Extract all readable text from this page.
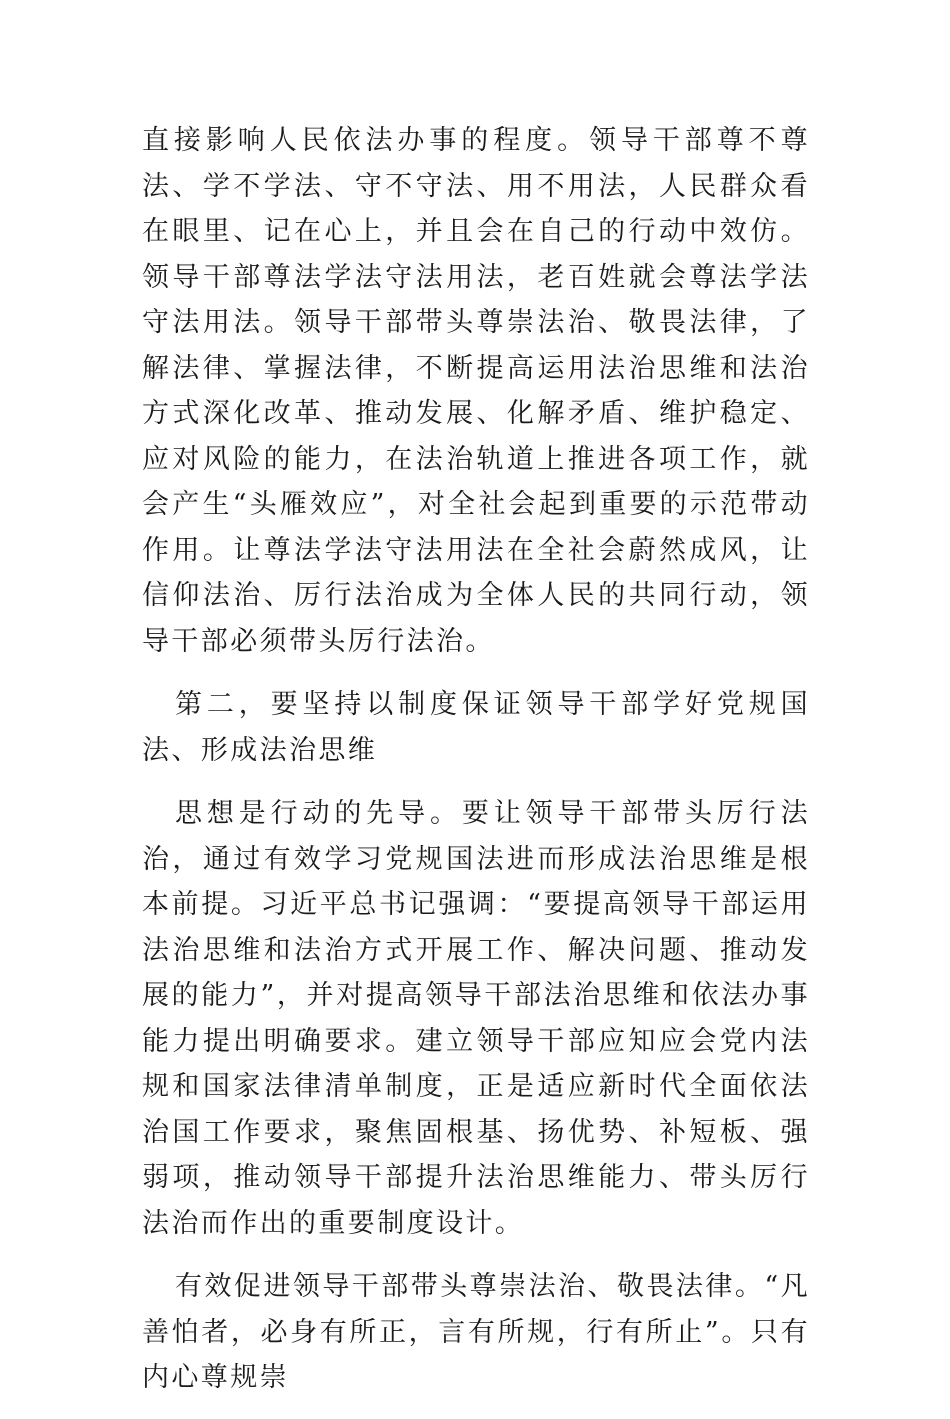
直接影响人民依法办事的程度。领导干部尊不尊法、学不学法、守不守法、用不用法，人民群众看在眼里、记在心上，并且会在自己的行动中效仿。领导干部尊法学法守法用法，老百姓就会尊法学法守法用法。领导干部带头尊崇法治、敬畏法律，了解法律、掌握法律，不断提高运用法治思维和法治方式深化改革、推动发展、化解矛盾、维护稳定、应对风险的能力，在法治轨道上推进各项工作，就会产生“头雁效应”，对全社会起到重要的示范带动作用。让尊法学法守法用法在全社会蔚然成风，让信仰法治、厉行法治成为全体人民的共同行动，领导干部必须带头厉行法治。

第二，要坚持以制度保证领导干部学好党规国法、形成法治思维

思想是行动的先导。要让领导干部带头厉行法治，通过有效学习党规国法进而形成法治思维是根本前提。习近平总书记强调：“要提高领导干部运用法治思维和法治方式开展工作、解决问题、推动发展的能力”，并对提高领导干部法治思维和依法办事能力提出明确要求。建立领导干部应知应会党内法规和国家法律清单制度，正是适应新时代全面依法治国工作要求，聚焦固根基、扬优势、补短板、强弱项，推动领导干部提升法治思维能力、带头厉行法治而作出的重要制度设计。

有效促进领导干部带头尊崇法治、敬畏法律。“凡善怕者，必身有所正，言有所规，行有所止”。只有内心尊规崇
